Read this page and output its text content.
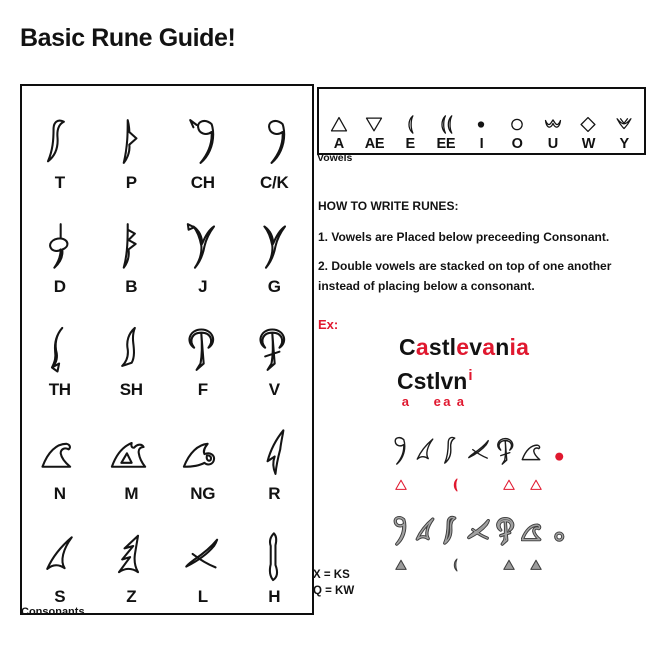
Basic Rune Guide!
T	P	CH	C/K
D	B	J	G
TH	SH	F	V
N	M	NG	R
S	Z	L	H
Consonants
A AE E EE I O U W Y
Vowels
HOW TO WRITE RUNES:
1. Vowels are Placed below preceeding Consonant.
2. Double vowels are stacked on top of one another instead of placing below a consonant.
Ex:
Castlevania
C
a
stl
e
v
a
n
a
$^i$
X = KS
Q = KW
